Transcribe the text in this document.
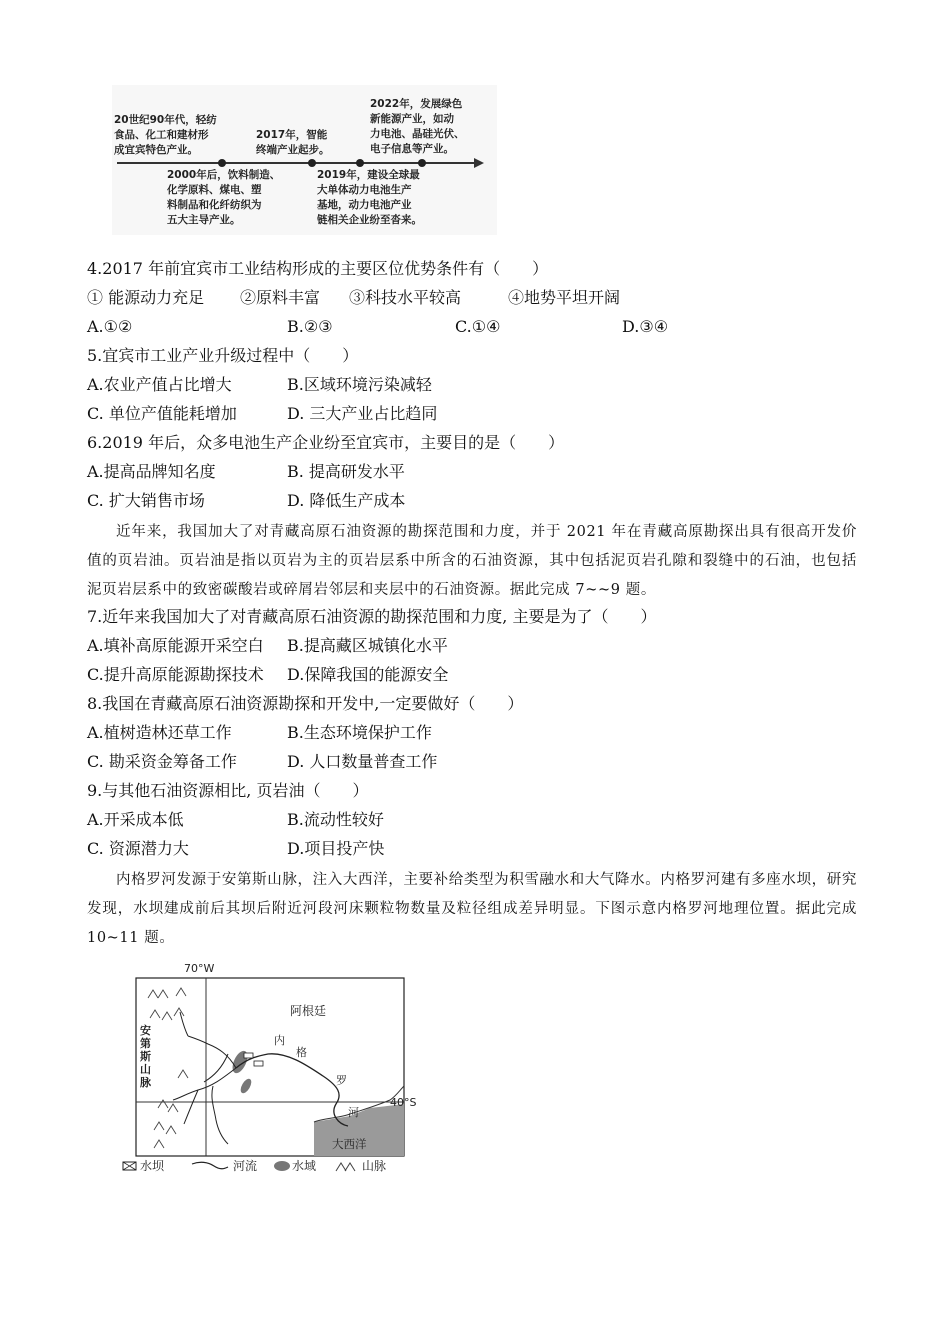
20世纪90年代，轻纺
食品、化工和建材形
成宜宾特色产业。
2000年后，饮料制造、
化学原料、煤电、塑
料制品和化纤纺织为
五大主导产业。
2017年，智能
终端产业起步。
2019年，建设全球最
大单体动力电池生产
基地，动力电池产业
链相关企业纷至沓来。
2022年，发展绿色
新能源产业，如动
力电池、晶硅光伏、
电子信息等产业。
4.2017 年前宜宾市工业结构形成的主要区位优势条件有（　　）
① 能源动力充足 ②原料丰富 ③科技水平较高	④地势平坦开阔
A.①②	B.②③	C.①④	D.③④
5.宜宾市工业产业升级过程中（　　）
A.农业产值占比增大	B.区域环境污染减轻
C. 单位产值能耗增加	D. 三大产业占比趋同
6.2019 年后，众多电池生产企业纷至宜宾市，主要目的是（　　）
A.提高品牌知名度	B. 提高研发水平
C. 扩大销售市场	D. 降低生产成本

近年来，我国加大了对青藏高原石油资源的勘探范围和力度，并于 2021 年在青藏高原勘探出具有很高开发价值的页岩油。页岩油是指以页岩为主的页岩层系中所含的石油资源，其中包括泥页岩孔隙和裂缝中的石油，也包括泥页岩层系中的致密碳酸岩或碎屑岩邻层和夹层中的石油资源。据此完成 7~~9 题。

7.近年来我国加大了对青藏高原石油资源的勘探范围和力度, 主要是为了（　　）
A.填补高原能源开采空白 B.提高藏区城镇化水平
C.提升高原能源勘探技术 D.保障我国的能源安全
8.我国在青藏高原石油资源勘探和开发中,一定要做好（　　）
A.植树造林还草工作	B.生态环境保护工作
C. 勘采资金筹备工作	D. 人口数量普查工作
9.与其他石油资源相比, 页岩油（　　）
A.开采成本低	B.流动性较好
C. 资源潜力大	D.项目投产快

内格罗河发源于安第斯山脉，注入大西洋，主要补给类型为积雪融水和大气降水。内格罗河建有多座水坝，研究发现，水坝建成前后其坝后附近河段河床颗粒物数量及粒径组成差异明显。下图示意内格罗河地理位置。据此完成 10~11 题。

70°W
40°S
阿根廷
安
第
斯
山
脉
内
格
罗
河
大西洋
水坝	河流	水域	山脉
